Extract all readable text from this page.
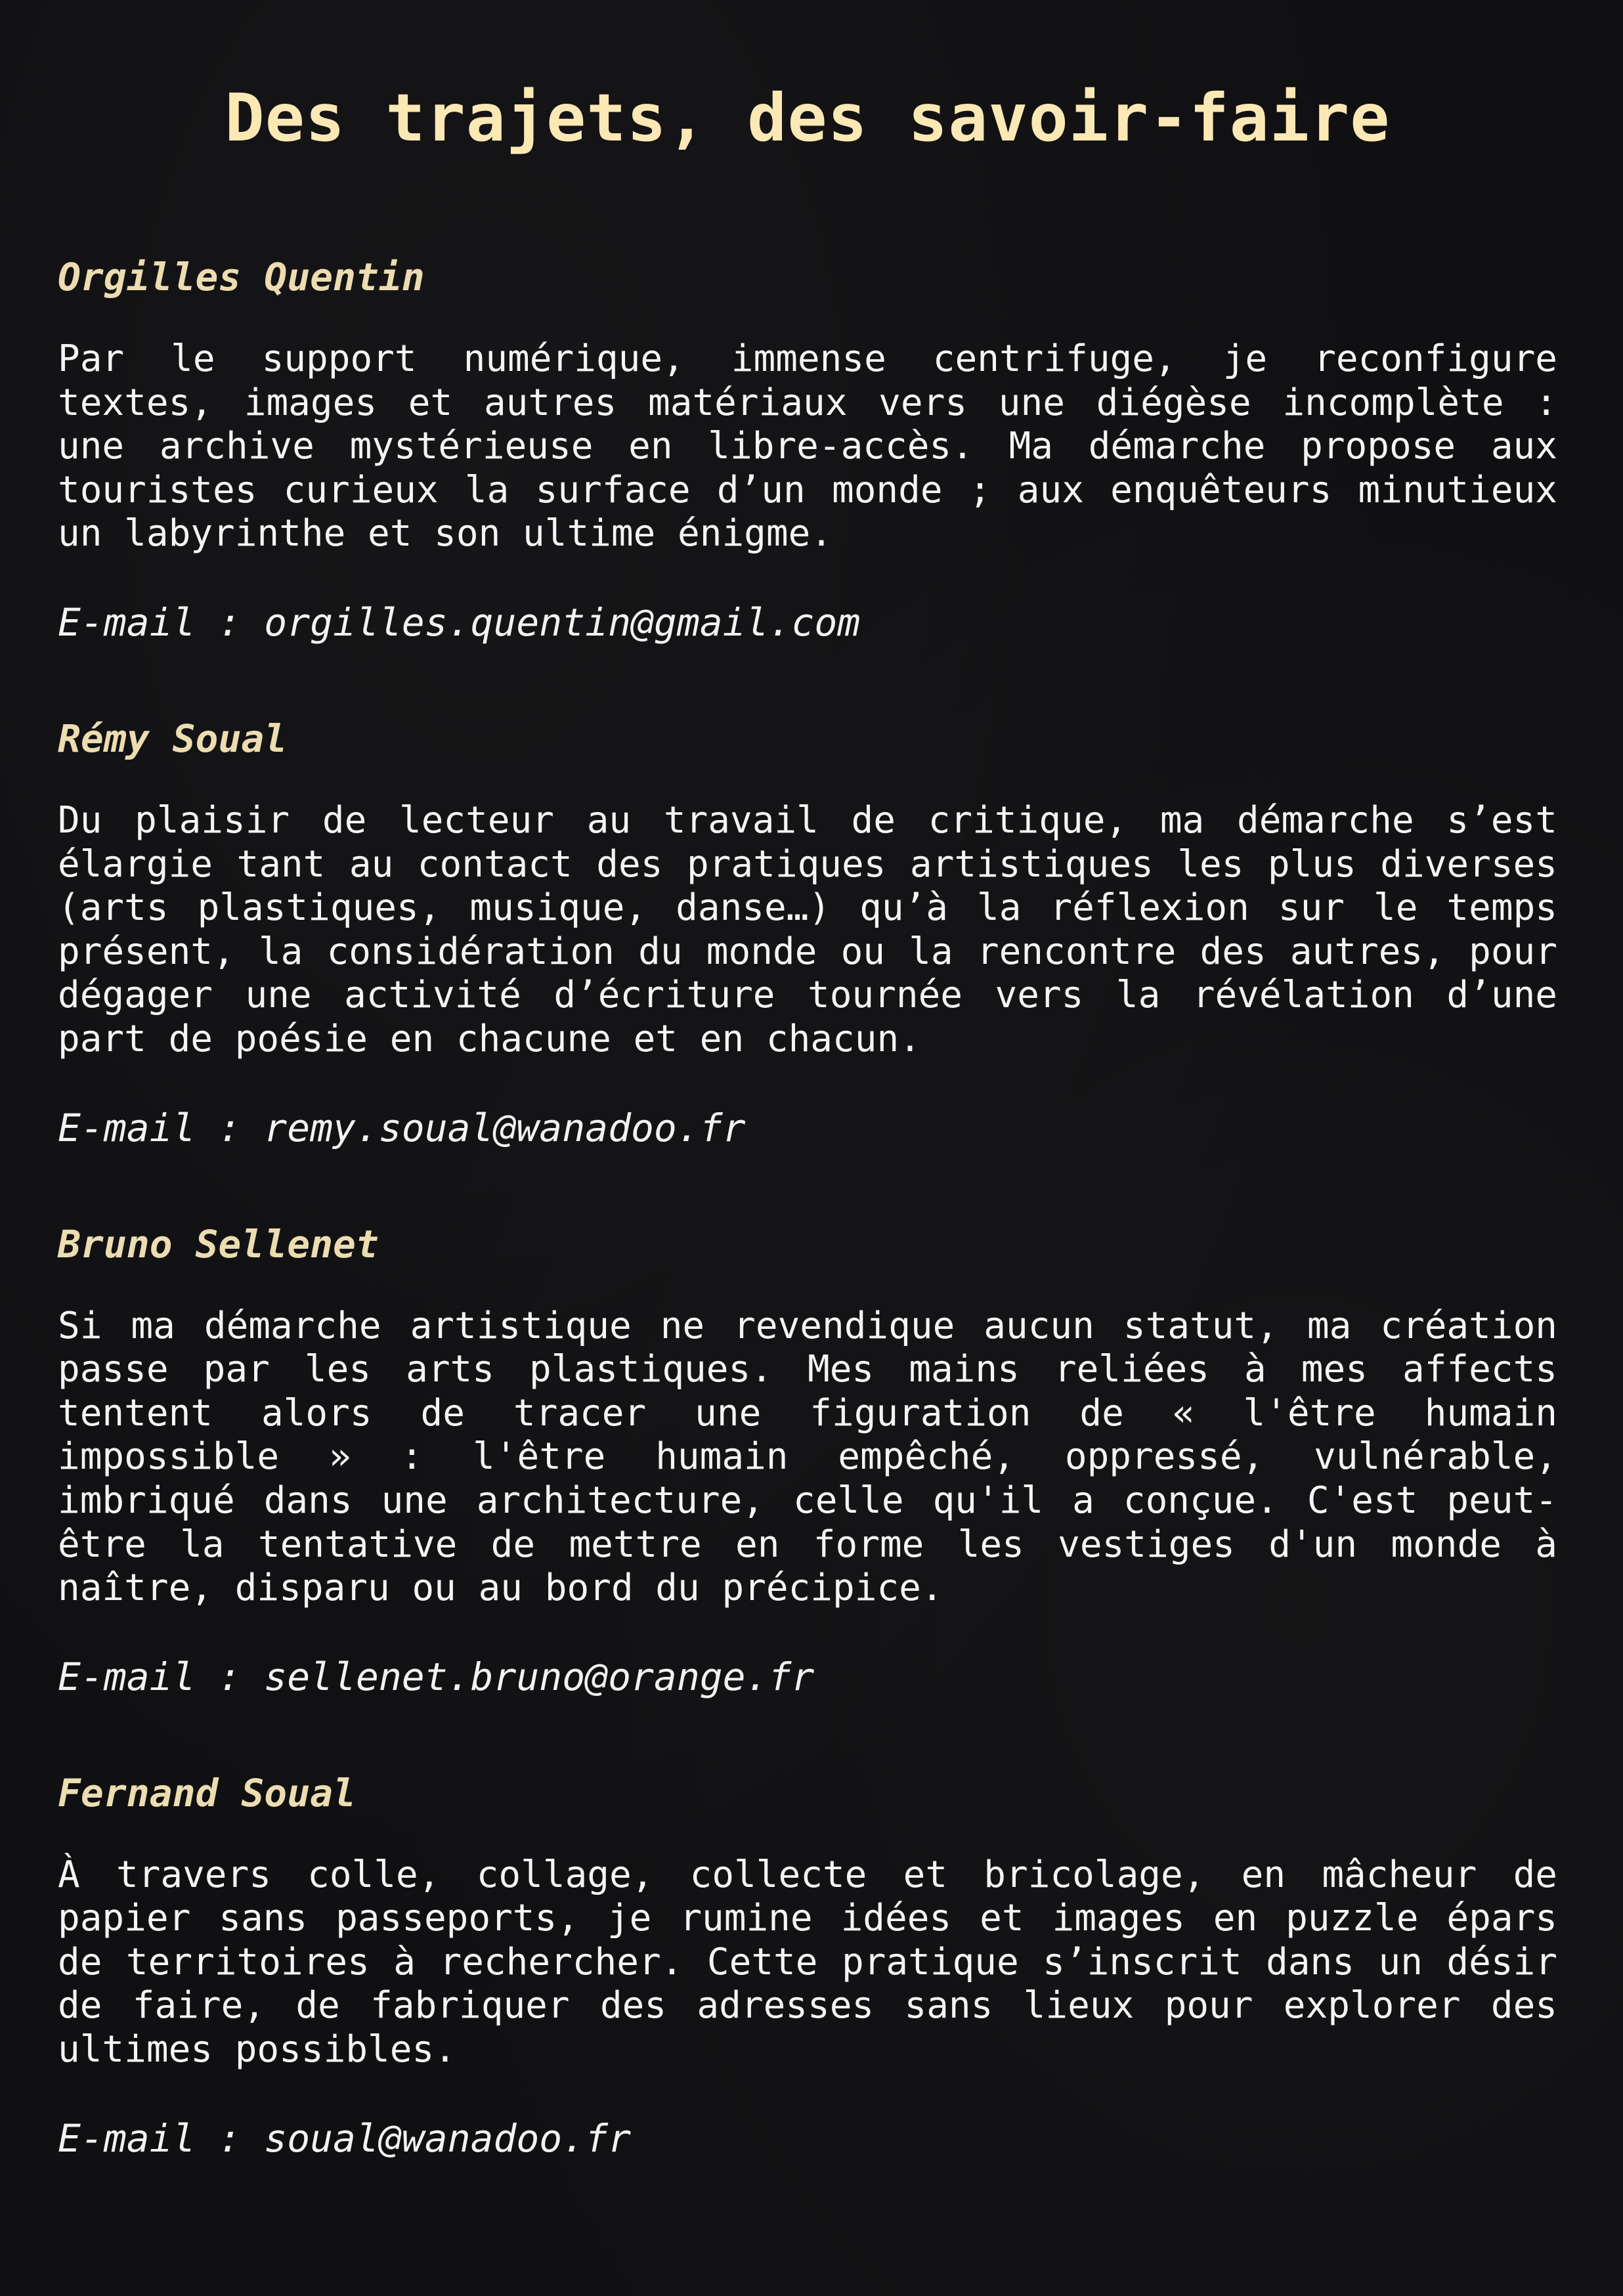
Des trajets, des savoir-faire
Orgilles Quentin

Par le support numérique, immense centrifuge, je reconfigure textes, images et autres matériaux vers une diégèse incomplète : une archive mystérieuse en libre-accès. Ma démarche propose aux touristes curieux la surface d’un monde ; aux enquêteurs minutieux un labyrinthe et son ultime énigme.

E-mail : orgilles.quentin@gmail.com

Rémy Soual

Du plaisir de lecteur au travail de critique, ma démarche s’est élargie tant au contact des pratiques artistiques les plus diverses (arts plastiques, musique, danse…) qu’à la réflexion sur le temps présent, la considération du monde ou la rencontre des autres, pour dégager une activité d’écriture tournée vers la révélation d’une part de poésie en chacune et en chacun.

E-mail : remy.soual@wanadoo.fr

Bruno Sellenet

Si ma démarche artistique ne revendique aucun statut, ma création passe par les arts plastiques. Mes mains reliées à mes affects tentent alors de tracer une figuration de « l'être humain impossible » : l'être humain empêché, oppressé, vulnérable, imbriqué dans une architecture, celle qu'il a conçue. C'est peut-être la tentative de mettre en forme les vestiges d'un monde à naître, disparu ou au bord du précipice.

E-mail : sellenet.bruno@orange.fr

Fernand Soual

À travers colle, collage, collecte et bricolage, en mâcheur de papier sans passeports, je rumine idées et images en puzzle épars de territoires à rechercher. Cette pratique s’inscrit dans un désir de faire, de fabriquer des adresses sans lieux pour explorer des ultimes possibles.

E-mail : soual@wanadoo.fr
